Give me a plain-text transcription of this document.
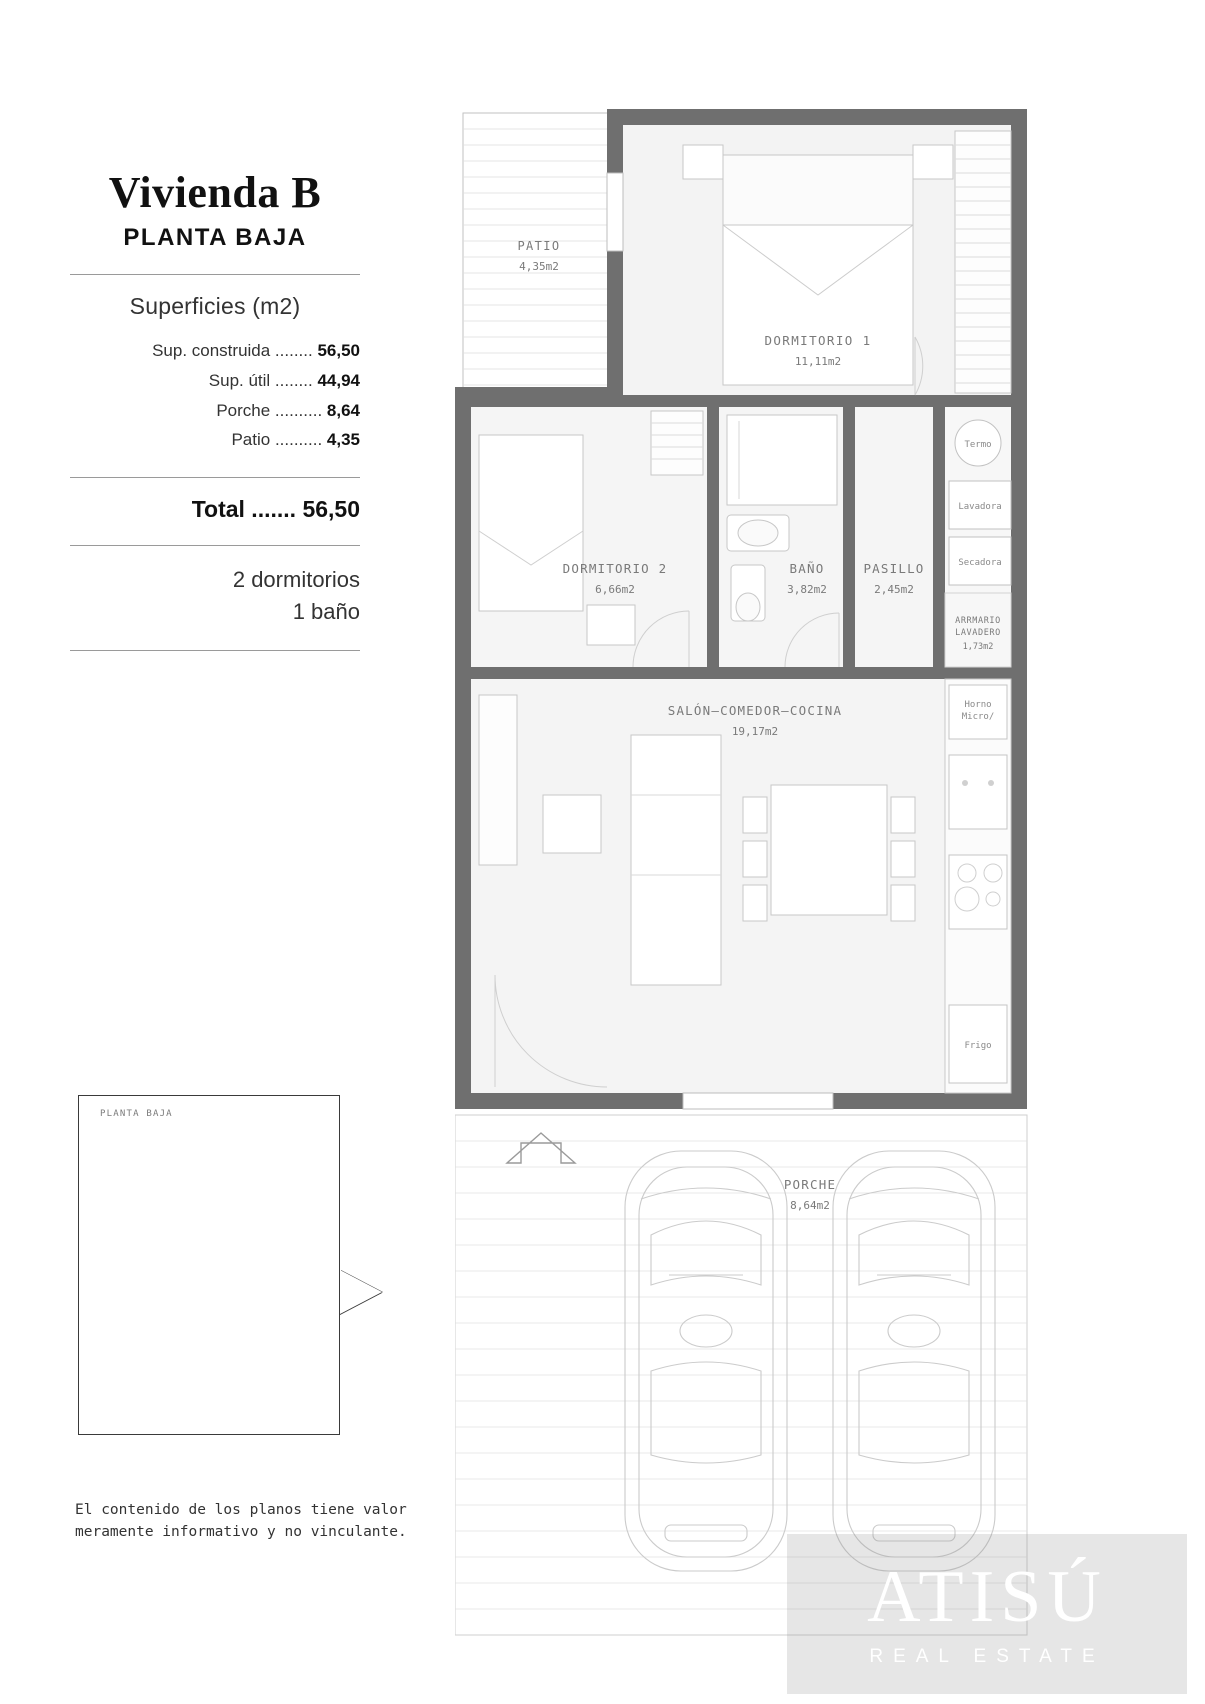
Vivienda B
PLANTA BAJA
Superficies (m2)
Sup. construida ........ 56,50
Sup. útil ........ 44,94
Porche .......... 8,64
Patio .......... 4,35
Total ....... 56,50
2 dormitorios
1 baño
PLANTA BAJA
El contenido de los planos tiene valor
meramente informativo y no vinculante.
PATIO
4,35m2
DORMITORIO 1
11,11m2
DORMITORIO 2
6,66m2
BAÑO
3,82m2
PASILLO
2,45m2
ARRMARIO
LAVADERO
1,73m2
SALÓN—COMEDOR—COCINA
19,17m2
PORCHE
8,64m2
Termo
Lavadora
Secadora
Horno
Micro/
Frigo
ATISÚ
REAL ESTATE
